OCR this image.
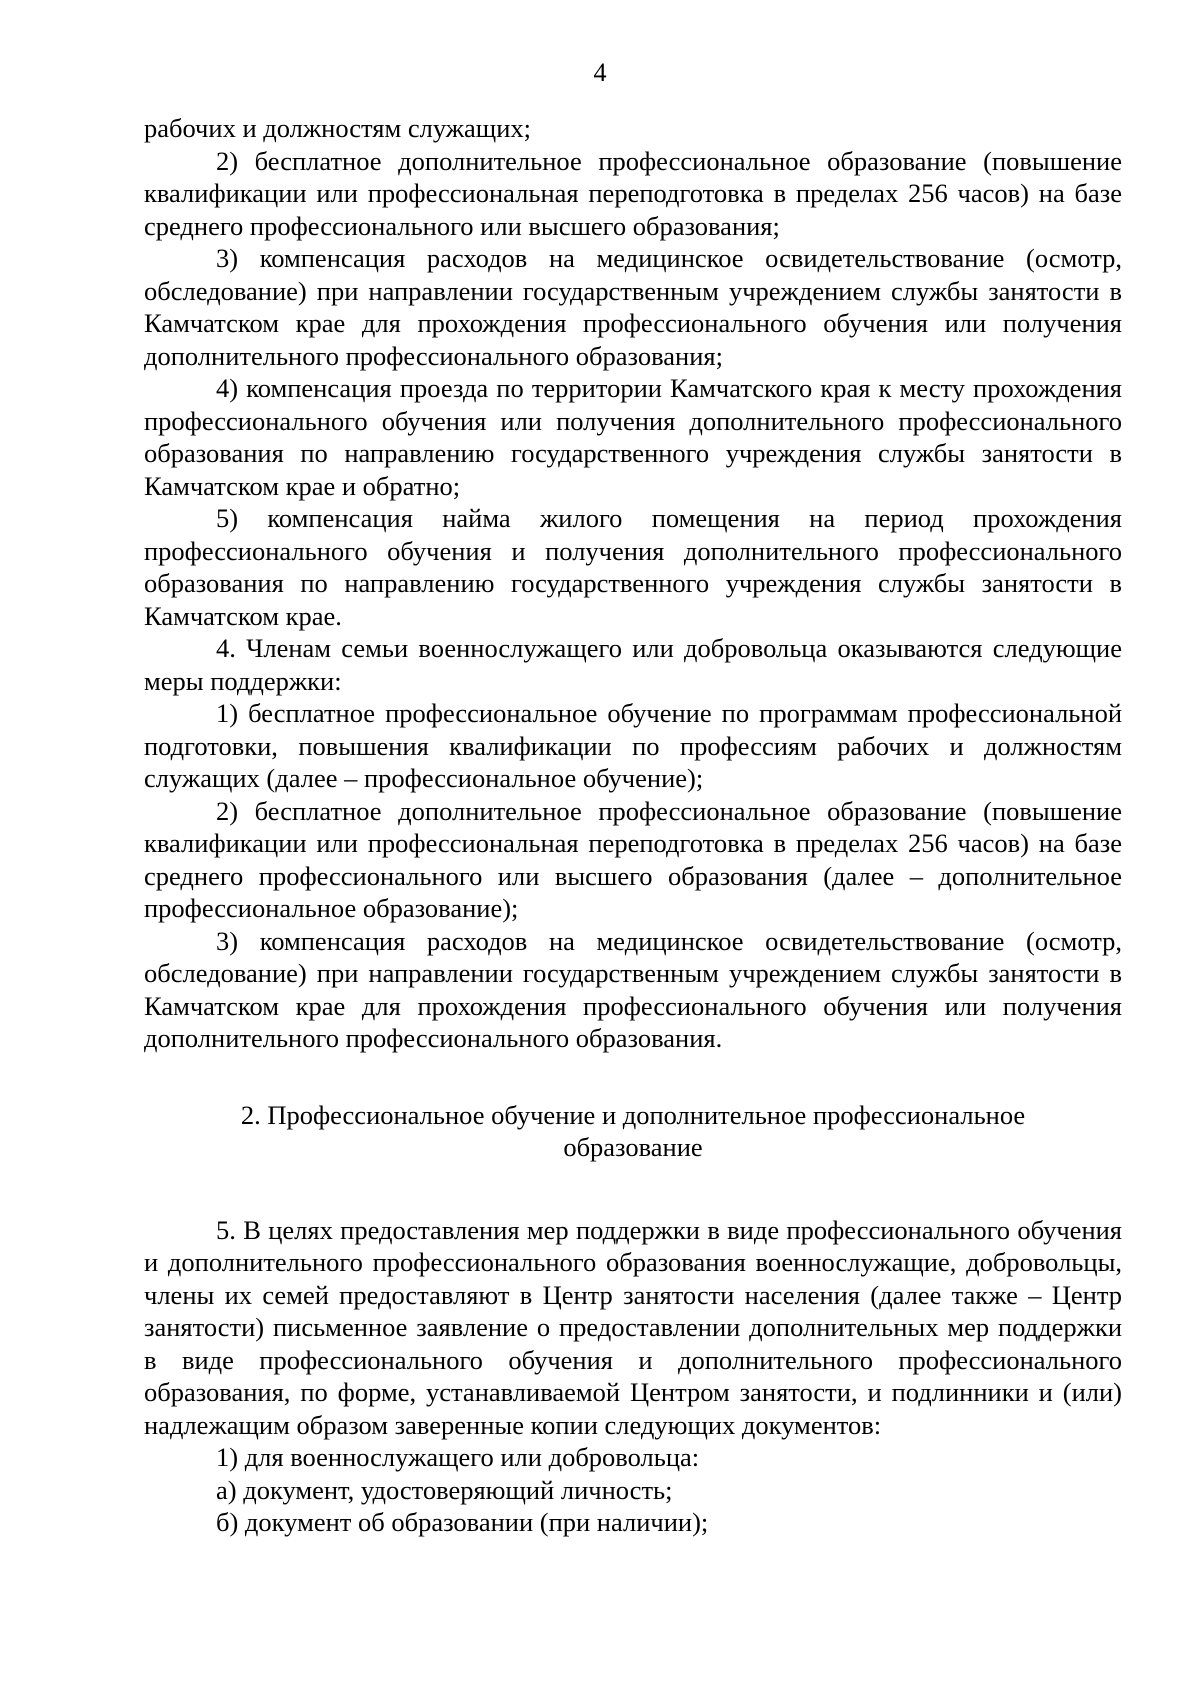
4

рабочих и должностям служащих;

2) бесплатное дополнительное профессиональное образование (повышение квалификации или профессиональная переподготовка в пределах 256 часов) на базе среднего профессионального или высшего образования;

3) компенсация расходов на медицинское освидетельствование (осмотр, обследование) при направлении государственным учреждением службы занятости в Камчатском крае для прохождения профессионального обучения или получения дополнительного профессионального образования;

4) компенсация проезда по территории Камчатского края к месту прохождения профессионального обучения или получения дополнительного профессионального образования по направлению государственного учреждения службы занятости в Камчатском крае и обратно;

5) компенсация найма жилого помещения на период прохождения профессионального обучения и получения дополнительного профессионального образования по направлению государственного учреждения службы занятости в Камчатском крае.

4. Членам семьи военнослужащего или добровольца оказываются следующие меры поддержки:

1) бесплатное профессиональное обучение по программам профессиональной подготовки, повышения квалификации по профессиям рабочих и должностям служащих (далее – профессиональное обучение);

2) бесплатное дополнительное профессиональное образование (повышение квалификации или профессиональная переподготовка в пределах 256 часов) на базе среднего профессионального или высшего образования (далее – дополнительное профессиональное образование);

3) компенсация расходов на медицинское освидетельствование (осмотр, обследование) при направлении государственным учреждением службы занятости в Камчатском крае для прохождения профессионального обучения или получения дополнительного профессионального образования.

2. Профессиональное обучение и дополнительное профессиональное
образование

5. В целях предоставления мер поддержки в виде профессионального обучения и дополнительного профессионального образования военнослужащие, добровольцы, члены их семей предоставляют в Центр занятости населения (далее также – Центр занятости) письменное заявление о предоставлении дополнительных мер поддержки в виде профессионального обучения и дополнительного профессионального образования, по форме, устанавливаемой Центром занятости, и подлинники и (или) надлежащим образом заверенные копии следующих документов:

1) для военнослужащего или добровольца:

а) документ, удостоверяющий личность;

б) документ об образовании (при наличии);
